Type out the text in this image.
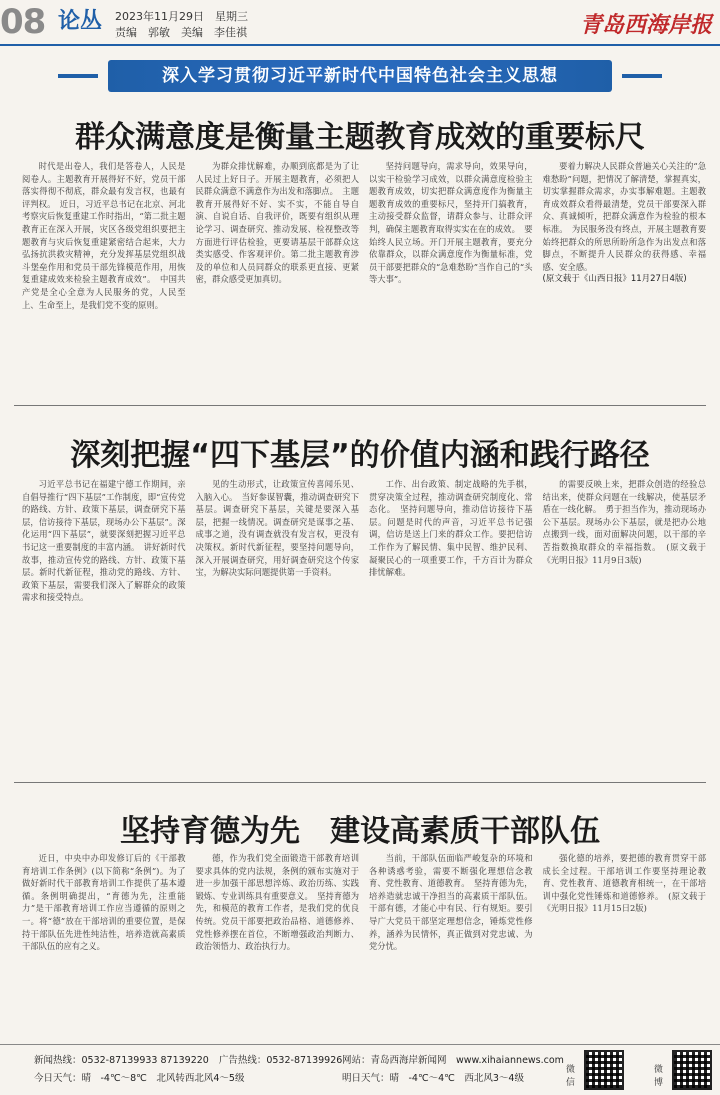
08 论丛 2023年11月29日　星期三
责编　郭敏　美编　李佳祺	青岛西海岸报
深入学习贯彻习近平新时代中国特色社会主义思想
群众满意度是衡量主题教育成效的重要标尺

时代是出卷人，我们是答卷人，人民是阅卷人。主题教育开展得好不好，党员干部落实得彻不彻底，群众最有发言权，也最有评判权。　近日，习近平总书记在北京、河北考察灾后恢复重建工作时指出，“第二批主题教育正在深入开展，灾区各级党组织要把主题教育与灾后恢复重建紧密结合起来，大力弘扬抗洪救灾精神，充分发挥基层党组织战斗堡垒作用和党员干部先锋模范作用，用恢复重建成效来检验主题教育成效”。　中国共产党是全心全意为人民服务的党，人民至上、生命至上，是我们党不变的原则。

为群众排忧解难，办顺到底都是为了让人民过上好日子。开展主题教育，必须把人民群众满意不满意作为出发和落脚点。　主题教育开展得好不好、实不实，不能自导自演、自说自话、自我评价，既要有组织从理论学习、调查研究、推动发展、检视整改等方面进行评估检验，更要请基层干部群众这类实感受、作客观评价。第二批主题教育涉及的单位和人员同群众的联系更直接、更紧密，群众感受更加真切。

坚持问题导向，需求导向，效果导向，以实干检验学习成效，以群众满意度检验主题教育成效，切实把群众满意度作为衡量主题教育成效的重要标尺，坚持开门搞教育，主动接受群众监督，请群众参与、让群众评判，确保主题教育取得实实在在的成效。　要始终人民立场。开门开展主题教育，要充分依靠群众，以群众满意度作为衡量标准，党员干部要把群众的“急难愁盼”当作自己的“头等大事”。

要着力解决人民群众普遍关心关注的“急难愁盼”问题，把情况了解清楚，掌握真实，切实掌握群众需求，办实事解难题。主题教育成效群众看得最清楚，党员干部要深入群众、真诚倾听，把群众满意作为检验的根本标准。　为民服务没有终点，开展主题教育要始终把群众的所思所盼所急作为出发点和落脚点，不断提升人民群众的获得感、幸福感、安全感。

(原文载于《山西日报》11月27日4版)
深刻把握“四下基层”的价值内涵和践行路径

习近平总书记在福建宁德工作期间，亲自倡导推行“四下基层”工作制度，即“宣传党的路线、方针、政策下基层，调查研究下基层，信访接待下基层，现场办公下基层”。深化运用“四下基层”，就要深刻把握习近平总书记这一重要制度的丰富内涵。　讲好新时代故事，推动宣传党的路线、方针、政策下基层。新时代新征程，推动党的路线、方针、政策下基层，需要我们深入了解群众的政策需求和接受特点。

见的生动形式，让政策宣传喜闻乐见、入脑入心。　当好参谋智囊，推动调查研究下基层。调查研究下基层，关键是要深入基层，把握一线情况。调查研究是谋事之基、成事之道，没有调查就没有发言权，更没有决策权。新时代新征程，要坚持问题导向，深入开展调查研究，用好调查研究这个传家宝，为解决实际问题提供第一手资料。

工作、出台政策、制定战略的先手棋，贯穿决策全过程，推动调查研究制度化、常态化。　坚持问题导向，推动信访接待下基层。问题是时代的声音，习近平总书记强调，信访是送上门来的群众工作。要把信访工作作为了解民情、集中民智、维护民利、凝聚民心的一项重要工作，千方百计为群众排忧解难。

的需要反映上来，把群众创造的经验总结出来，使群众问题在一线解决，使基层矛盾在一线化解。　勇于担当作为，推动现场办公下基层。现场办公下基层，就是把办公地点搬到一线，面对面解决问题，以干部的辛苦指数换取群众的幸福指数。　(原文载于《光明日报》11月9日3版)

坚持育德为先　建设高素质干部队伍

近日，中央中办印发修订后的《干部教育培训工作条例》(以下简称“条例”)。为了做好新时代干部教育培训工作提供了基本遵循。条例明确提出，“育德为先，注重能力”是干部教育培训工作应当遵循的原则之一。将“德”放在干部培训的重要位置，是保持干部队伍先进性纯洁性，培养造就高素质干部队伍的应有之义。

德，作为我们党全面锻造干部教育培训要求具体的党内法规，条例的颁布实施对于进一步加强干部思想淬炼、政治历练、实践锻炼、专业训练具有重要意义。　坚持育德为先，和模范的教育工作者，是我们党的优良传统。党员干部要把政治品格、道德修养、党性修养摆在首位，不断增强政治判断力、政治领悟力、政治执行力。

当前，干部队伍面临严峻复杂的环境和各种诱惑考验，需要不断强化理想信念教育、党性教育、道德教育。　坚持育德为先，培养造就忠诚干净担当的高素质干部队伍。干部有德，才能心中有民、行有规矩。要引导广大党员干部坚定理想信念，锤炼党性修养，涵养为民情怀，真正做到对党忠诚、为党分忧。

强化德的培养，要把德的教育贯穿干部成长全过程。干部培训工作要坚持理论教育、党性教育、道德教育相统一，在干部培训中强化党性锤炼和道德修养。　(原文载于《光明日报》11月15日2版)

新闻热线：0532-87139933 87139220 广告热线：0532-87139926 网站：青岛西海岸新闻网　www.xihaiannews.com
今日天气：晴　-4℃～8℃　北风转西北风4～5级	明日天气：晴　-4℃～4℃　西北风3～4级
微信
微博
